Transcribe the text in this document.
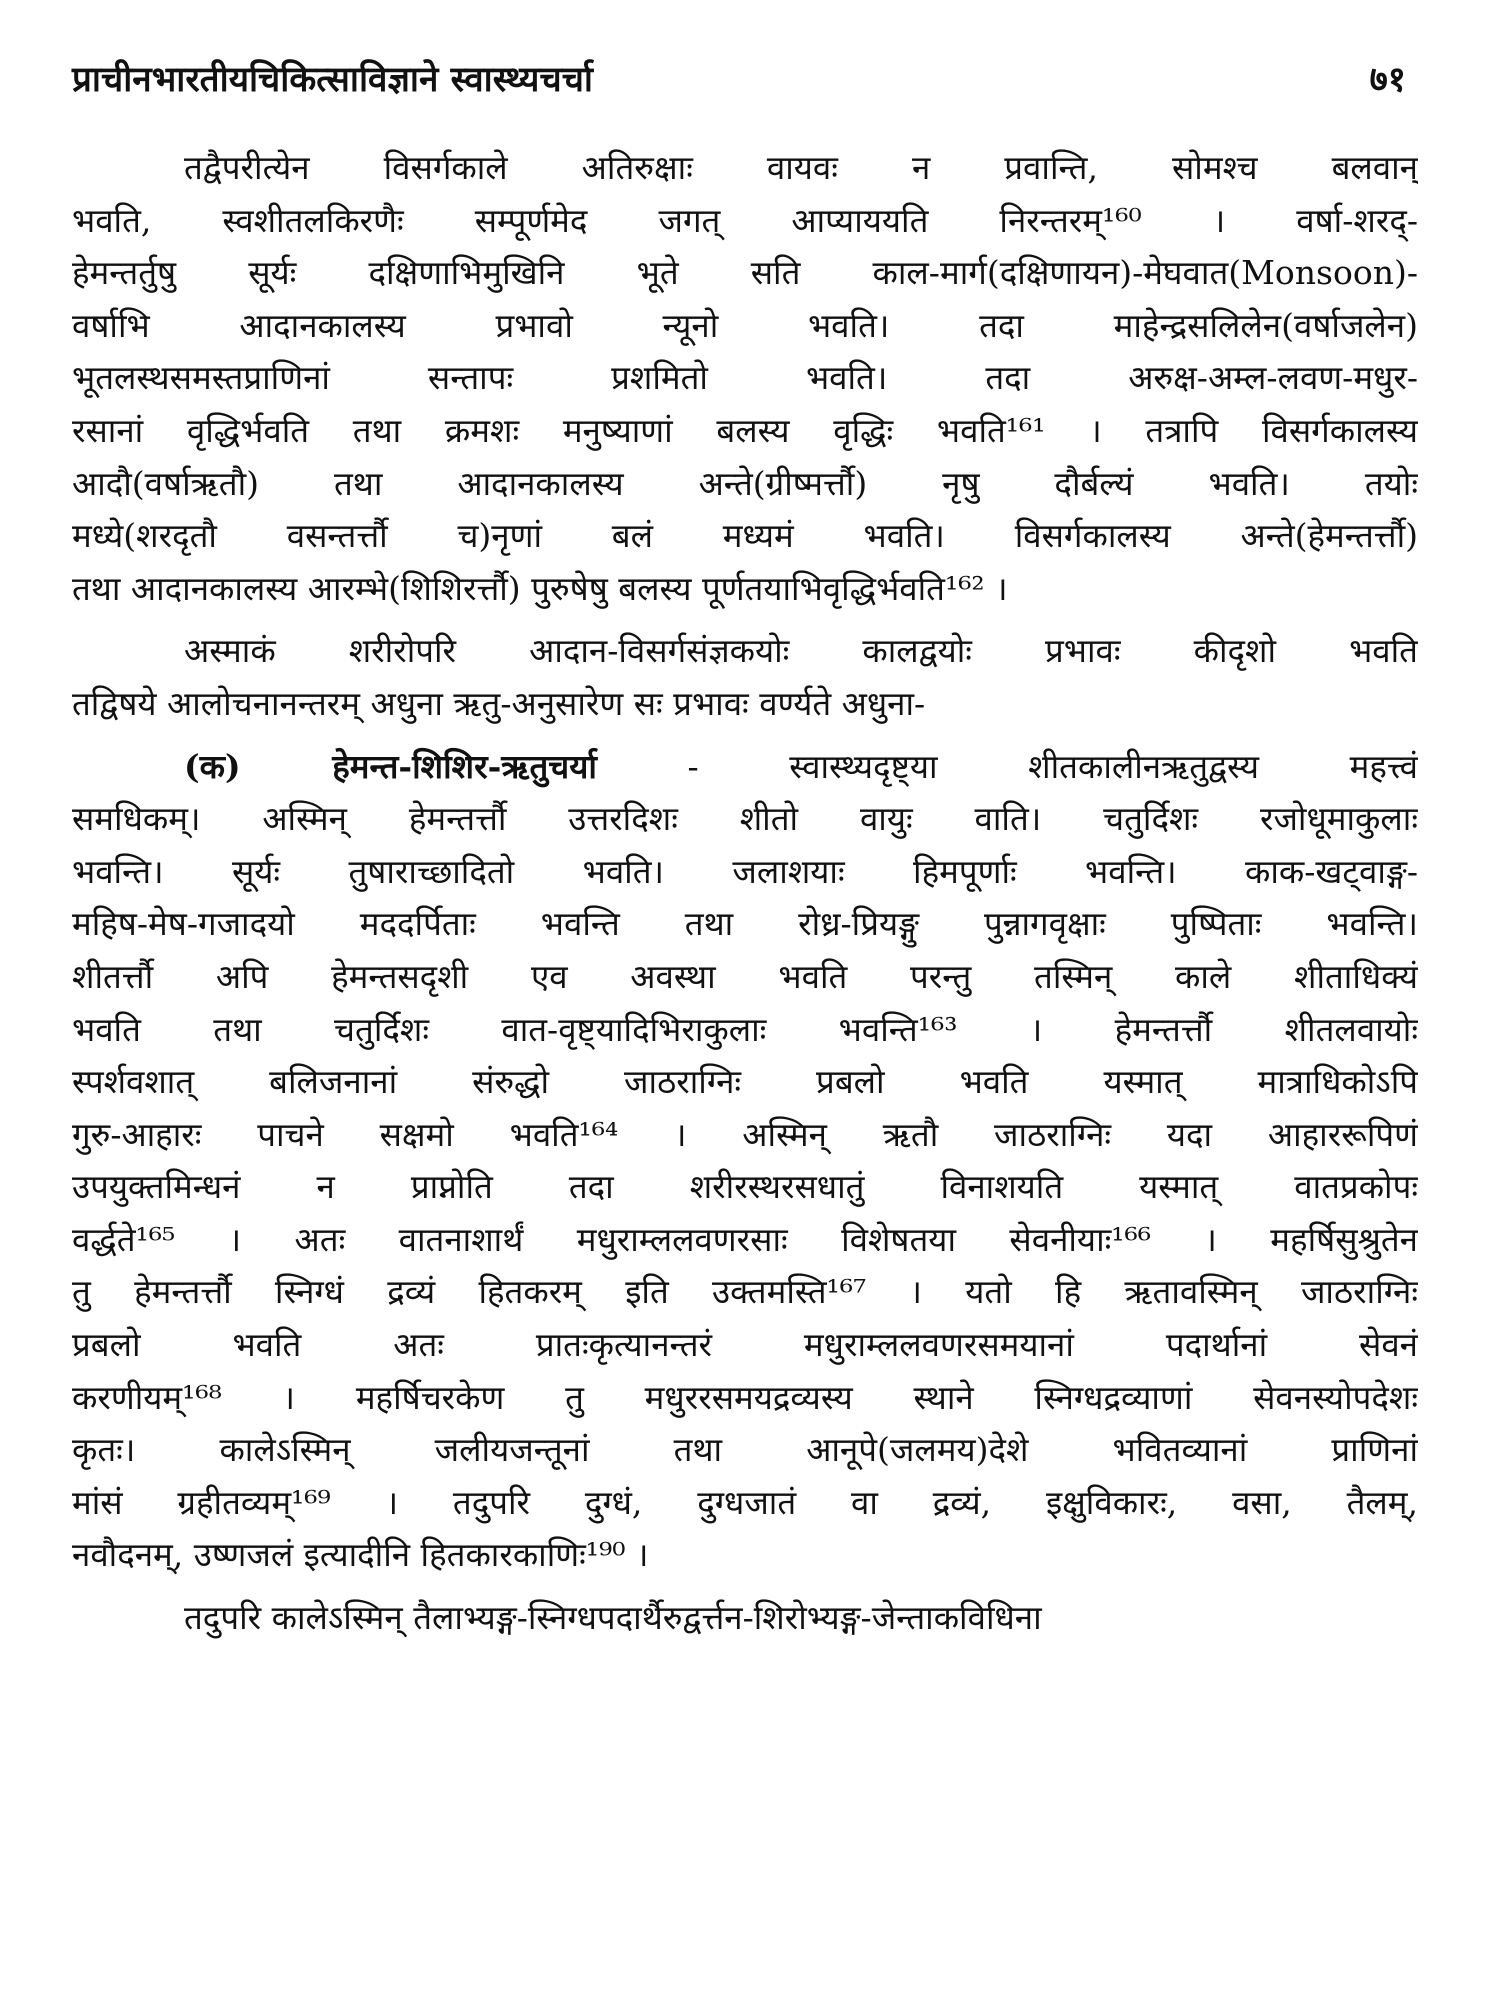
प्राचीनभारतीयचिकित्साविज्ञाने स्वास्थ्यचर्चा	७१
तद्वैपरीत्येन विसर्गकाले अतिरुक्षाः वायवः न प्रवान्ति, सोमश्च बलवान्
भवति, स्वशीतलकिरणैः सम्पूर्णमेद जगत् आप्याययति निरन्तरम्¹⁶⁰ । वर्षा-शरद्-
हेमन्तर्तुषु सूर्यः दक्षिणाभिमुखिनि भूते सति काल-मार्ग(दक्षिणायन)-मेघवात(Monsoon)-
वर्षाभि आदानकालस्य प्रभावो न्यूनो भवति। तदा माहेन्द्रसलिलेन(वर्षाजलेन)
भूतलस्थसमस्तप्राणिनां सन्तापः प्रशमितो भवति। तदा अरुक्ष-अम्ल-लवण-मधुर-
रसानां वृद्धिर्भवति तथा क्रमशः मनुष्याणां बलस्य वृद्धिः भवति¹⁶¹ । तत्रापि विसर्गकालस्य
आदौ(वर्षाऋतौ) तथा आदानकालस्य अन्ते(ग्रीष्मर्त्तौ) नृषु दौर्बल्यं भवति। तयोः
मध्ये(शरदृतौ वसन्तर्त्तौ च)नृणां बलं मध्यमं भवति। विसर्गकालस्य अन्ते(हेमन्तर्त्तौ)
तथा आदानकालस्य आरम्भे(शिशिरर्त्तौ) पुरुषेषु बलस्य पूर्णतयाभिवृद्धिर्भवति¹⁶² ।
अस्माकं शरीरोपरि आदान-विसर्गसंज्ञकयोः कालद्वयोः प्रभावः कीदृशो भवति
तद्विषये आलोचनानन्तरम् अधुना ऋतु-अनुसारेण सः प्रभावः वर्ण्यते अधुना-
(क) हेमन्त-शिशिर-ऋतुचर्या - स्वास्थ्यदृष्ट्या शीतकालीनऋतुद्वस्य महत्त्वं
समधिकम्। अस्मिन् हेमन्तर्त्तौ उत्तरदिशः शीतो वायुः वाति। चतुर्दिशः रजोधूमाकुलाः
भवन्ति। सूर्यः तुषाराच्छादितो भवति। जलाशयाः हिमपूर्णाः भवन्ति। काक-खट्वाङ्ग-
महिष-मेष-गजादयो मददर्पिताः भवन्ति तथा रोध्र-प्रियङ्गु पुन्नागवृक्षाः पुष्पिताः भवन्ति।
शीतर्त्तौ अपि हेमन्तसदृशी एव अवस्था भवति परन्तु तस्मिन् काले शीताधिक्यं
भवति तथा चतुर्दिशः वात-वृष्ट्यादिभिराकुलाः भवन्ति¹⁶³ । हेमन्तर्त्तौ शीतलवायोः
स्पर्शवशात् बलिजनानां संरुद्धो जाठराग्निः प्रबलो भवति यस्मात् मात्राधिकोऽपि
गुरु-आहारः पाचने सक्षमो भवति¹⁶⁴ । अस्मिन् ऋतौ जाठराग्निः यदा आहाररूपिणं
उपयुक्तमिन्धनं न प्राप्नोति तदा शरीरस्थरसधातुं विनाशयति यस्मात् वातप्रकोपः
वर्द्धते¹⁶⁵ । अतः वातनाशार्थं मधुराम्ललवणरसाः विशेषतया सेवनीयाः¹⁶⁶ । महर्षिसुश्रुतेन
तु हेमन्तर्त्तौ स्निग्धं द्रव्यं हितकरम् इति उक्तमस्ति¹⁶⁷ । यतो हि ऋतावस्मिन् जाठराग्निः
प्रबलो भवति अतः प्रातःकृत्यानन्तरं मधुराम्ललवणरसमयानां पदार्थानां सेवनं
करणीयम्¹⁶⁸ । महर्षिचरकेण तु मधुररसमयद्रव्यस्य स्थाने स्निग्धद्रव्याणां सेवनस्योपदेशः
कृतः। कालेऽस्मिन् जलीयजन्तूनां तथा आनूपे(जलमय)देशे भवितव्यानां प्राणिनां
मांसं ग्रहीतव्यम्¹⁶⁹ । तदुपरि दुग्धं, दुग्धजातं वा द्रव्यं, इक्षुविकारः, वसा, तैलम्,
नवौदनम्, उष्णजलं इत्यादीनि हितकारकाणिः¹⁹⁰ ।
तदुपरि कालेऽस्मिन् तैलाभ्यङ्ग-स्निग्धपदार्थैरुद्वर्त्तन-शिरोभ्यङ्ग-जेन्ताकविधिना
